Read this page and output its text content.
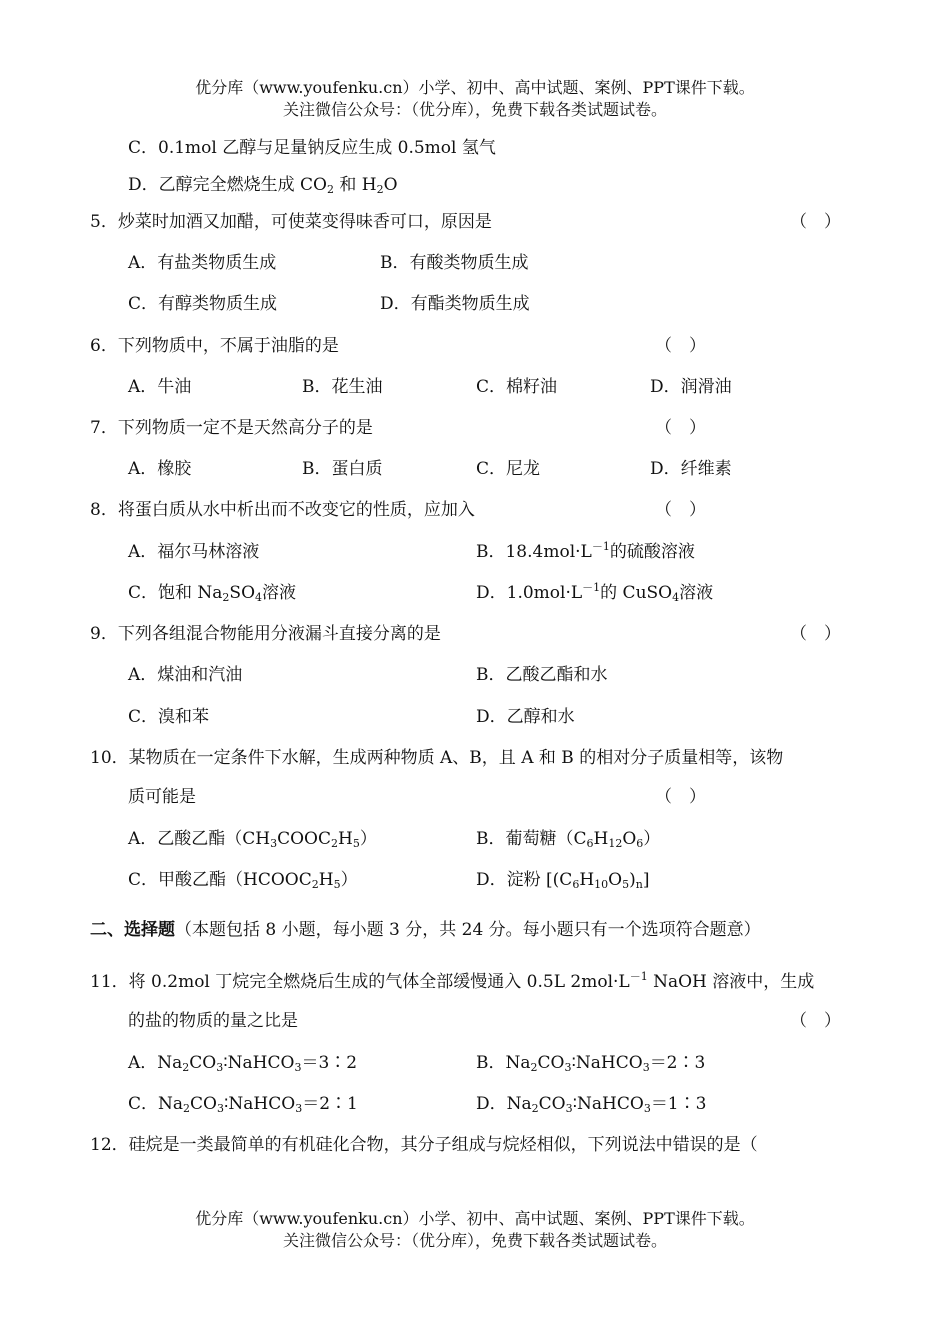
优分库（www.youfenku.cn）小学、初中、高中试题、案例、PPT课件下载。
关注微信公众号：（优分库），免费下载各类试题试卷。
C．0.1mol 乙醇与足量钠反应生成 0.5mol 氢气
D．乙醇完全燃烧生成 $CO_2$ 和 $H_2O$
5．炒菜时加酒又加醋，可使菜变得味香可口，原因是	（　）
A．有盐类物质生成	B．有酸类物质生成
C．有醇类物质生成	D．有酯类物质生成
6．下列物质中，不属于油脂的是	（　）
A．牛油	B．花生油	C．棉籽油	D．润滑油
7．下列物质一定不是天然高分子的是	（　）
A．橡胶	B．蛋白质	C．尼龙	D．纤维素
8．将蛋白质从水中析出而不改变它的性质，应加入	（　）
A．福尔马林溶液	B．$18.4mol\cdot L^{-1}$的硫酸溶液
C．饱和 $Na_2SO_4$溶液	D．$1.0mol\cdot L^{-1}$的 CuSO$_4$溶液
9．下列各组混合物能用分液漏斗直接分离的是	（　）
A．煤油和汽油	B．乙酸乙酯和水
C．溴和苯	D．乙醇和水
10．某物质在一定条件下水解，生成两种物质 A、B，且 A 和 B 的相对分子质量相等，该物
质可能是	（　）
A．乙酸乙酯$(CH_3COOC_2H_5)$	B．葡萄糖$(C_6H_{12}O_6)$
C．甲酸乙酯$(HCOOC_2H_5)$	D．淀粉 $[(C_6H_{10}O_5)_n]$
二、选择题（本题包括 8 小题，每小题 3 分，共 24 分。每小题只有一个选项符合题意）
11．将 0.2mol 丁烷完全燃烧后生成的气体全部缓慢通入 0.5L $2mol\cdot L^{-1}$ NaOH 溶液中，生成
的盐的物质的量之比是	（　）
A．$Na_2CO_3∶NaHCO_3=3∶2$	B．$Na_2CO_3∶NaHCO_3=2∶3$
C．$Na_2CO_3∶NaHCO_3=2∶1$	D．$Na_2CO_3∶NaHCO_3=1∶3$
12．硅烷是一类最简单的有机硅化合物，其分子组成与烷烃相似，下列说法中错误的是（
优分库（www.youfenku.cn）小学、初中、高中试题、案例、PPT课件下载。
关注微信公众号：（优分库），免费下载各类试题试卷。
